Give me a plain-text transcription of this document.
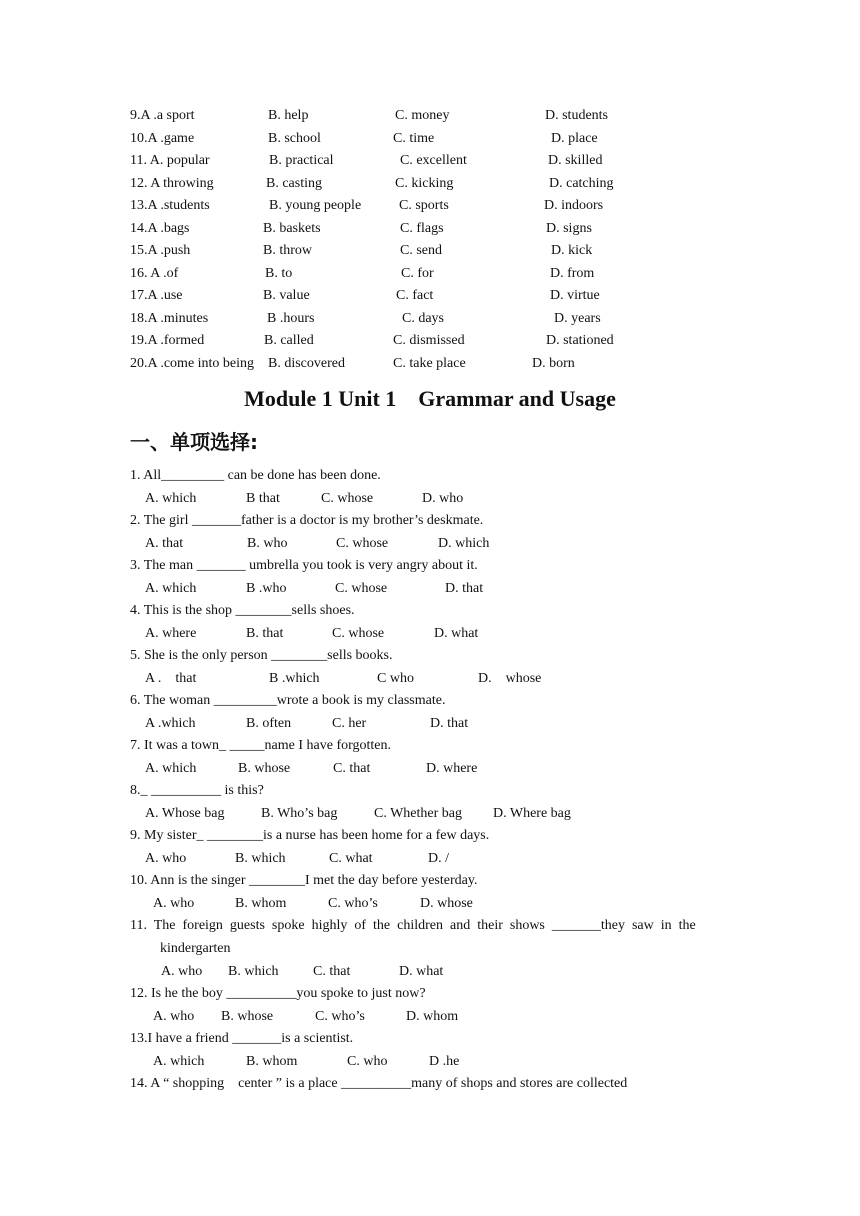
9.A .a sport	B. help	C. money	D. students
10.A .game	B. school	C. time	D. place
11. A. popular	B. practical	C. excellent	D. skilled
12. A throwing	B. casting	C. kicking	D. catching
13.A .students	B. young people	C. sports	D. indoors
14.A .bags	B. baskets	C. flags	D. signs
15.A .push	B. throw	C. send	D. kick
16. A .of	B. to	C. for	D. from
17.A .use	B. value	C. fact	D. virtue
18.A .minutes	B .hours	C. days	D. years
19.A .formed	B. called	C. dismissed	D. stationed
20.A .come into being B. discovered	C. take place	D. born
Module 1 Unit 1    Grammar and Usage
一、单项选择:
1. All_________ can be done has been done.
A. which	B that	C. whose	D. who
2. The girl _______father is a doctor is my brother’s deskmate.
A. that	B. who	C. whose	D. which
3. The man _______ umbrella you took is very angry about it.
A. which	B .who	C. whose	D. that
4. This is the shop ________sells shoes.
A. where	B. that	C. whose	D. what
5. She is the only person ________sells books.
A .    that	B .which	C who	D.    whose
6. The woman _________wrote a book is my classmate.
A .which	B. often	C. her	D. that
7. It was a town_ _____name I have forgotten.
A. which	B. whose	C. that	D. where
8._ __________ is this?
A. Whose bag	B. Who’s bag	C. Whether bag D. Where bag
9. My sister_ ________is a nurse has been home for a few days.
A. who	B. which	C. what	D. /
10. Ann is the singer ________I met the day before yesterday.
A. who	B. whom	C. who’s	D. whose
11.  The  foreign  guests  spoke  highly  of  the  children  and  their  shows  _______they  saw  in  the
kindergarten
A. who B. which C. that	D. what
12. Is he the boy __________you spoke to just now?
A. who B. whose	C. who’s	D. whom
13.I have a friend _______is a scientist.
A. which	B. whom	C. who	D .he
14. A “ shopping    center ” is a place __________many of shops and stores are collected
